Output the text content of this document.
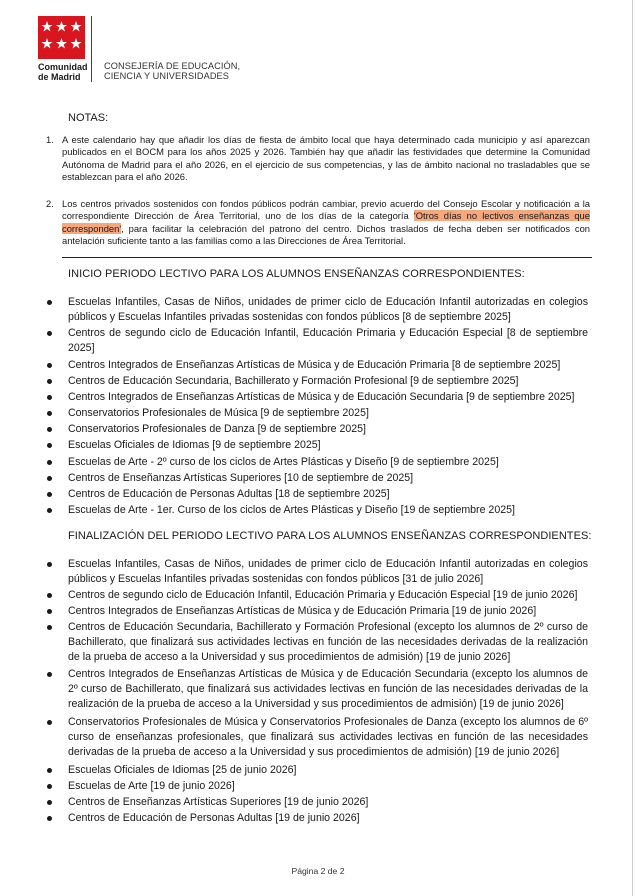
Comunidad
de Madrid
CONSEJERÍA DE EDUCACIÓN,
CIENCIA Y UNIVERSIDADES
NOTAS:
1. A este calendario hay que añadir los días de fiesta de ámbito local que haya determinado cada municipio y así aparezcan publicados en el BOCM para los años 2025 y 2026. También hay que añadir las festividades que determine la Comunidad Autónoma de Madrid para el año 2026, en el ejercicio de sus competencias, y las de ámbito nacional no trasladables que se establezcan para el año 2026.
2. Los centros privados sostenidos con fondos públicos podrán cambiar, previo acuerdo del Consejo Escolar y notificación a la correspondiente Dirección de Área Territorial, uno de los días de la categoría 'Otros días no lectivos enseñanzas que corresponden', para facilitar la celebración del patrono del centro. Dichos traslados de fecha deben ser notificados con antelación suficiente tanto a las familias como a las Direcciones de Área Territorial.
INICIO PERIODO LECTIVO PARA LOS ALUMNOS ENSEÑANZAS CORRESPONDIENTES:
Escuelas Infantiles, Casas de Niños, unidades de primer ciclo de Educación Infantil autorizadas en colegios públicos y Escuelas Infantiles privadas sostenidas con fondos públicos [8 de septiembre 2025]
Centros de segundo ciclo de Educación Infantil, Educación Primaria y Educación Especial [8 de septiembre 2025]
Centros Integrados de Enseñanzas Artísticas de Música y de Educación Primaria [8 de septiembre 2025]
Centros de Educación Secundaria, Bachillerato y Formación Profesional [9 de septiembre 2025]
Centros Integrados de Enseñanzas Artísticas de Música y de Educación Secundaria [9 de septiembre 2025]
Conservatorios Profesionales de Música [9 de septiembre 2025]
Conservatorios Profesionales de Danza [9 de septiembre 2025]
Escuelas Oficiales de Idiomas [9 de septiembre 2025]
Escuelas de Arte - 2º curso de los ciclos de Artes Plásticas y Diseño [9 de septiembre 2025]
Centros de Enseñanzas Artísticas Superiores [10 de septiembre de 2025]
Centros de Educación de Personas Adultas [18 de septiembre 2025]
Escuelas de Arte - 1er. Curso de los ciclos de Artes Plásticas y Diseño [19 de septiembre 2025]
FINALIZACIÓN DEL PERIODO LECTIVO PARA LOS ALUMNOS ENSEÑANZAS CORRESPONDIENTES:
Escuelas Infantiles, Casas de Niños, unidades de primer ciclo de Educación Infantil autorizadas en colegios públicos y Escuelas Infantiles privadas sostenidas con fondos públicos [31 de julio 2026]
Centros de segundo ciclo de Educación Infantil, Educación Primaria y Educación Especial [19 de junio 2026]
Centros Integrados de Enseñanzas Artísticas de Música y de Educación Primaria [19 de junio 2026]
Centros de Educación Secundaria, Bachillerato y Formación Profesional (excepto los alumnos de 2º curso de Bachillerato, que finalizará sus actividades lectivas en función de las necesidades derivadas de la realización de la prueba de acceso a la Universidad y sus procedimientos de admisión) [19 de junio 2026]
Centros Integrados de Enseñanzas Artísticas de Música y de Educación Secundaria (excepto los alumnos de 2º curso de Bachillerato, que finalizará sus actividades lectivas en función de las necesidades derivadas de la realización de la prueba de acceso a la Universidad y sus procedimientos de admisión) [19 de junio 2026]
Conservatorios Profesionales de Música y Conservatorios Profesionales de Danza (excepto los alumnos de 6º curso de enseñanzas profesionales, que finalizará sus actividades lectivas en función de las necesidades derivadas de la prueba de acceso a la Universidad y sus procedimientos de admisión) [19 de junio 2026]
Escuelas Oficiales de Idiomas [25 de junio 2026]
Escuelas de Arte [19 de junio 2026]
Centros de Enseñanzas Artísticas Superiores [19 de junio 2026]
Centros de Educación de Personas Adultas [19 de junio 2026]
Página 2 de 2
